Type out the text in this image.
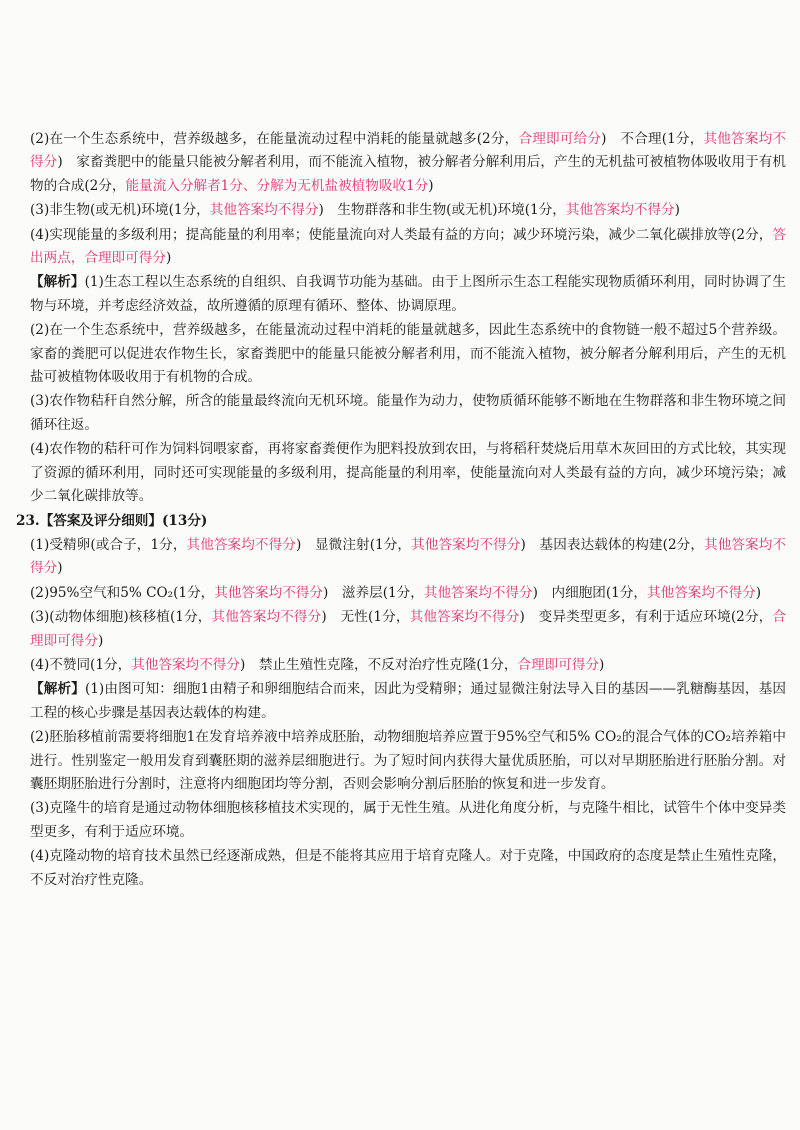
(2)在一个生态系统中，营养级越多，在能量流动过程中消耗的能量就越多(2分，合理即可给分)　不合理(1分，其他答案均不得分)　家畜粪肥中的能量只能被分解者利用，而不能流入植物，被分解者分解利用后，产生的无机盐可被植物体吸收用于有机物的合成(2分，能量流入分解者1分、分解为无机盐被植物吸收1分)

(3)非生物(或无机)环境(1分，其他答案均不得分)　生物群落和非生物(或无机)环境(1分，其他答案均不得分)

(4)实现能量的多级利用；提高能量的利用率；使能量流向对人类最有益的方向；减少环境污染，减少二氧化碳排放等(2分，答出两点，合理即可得分)

【解析】(1)生态工程以生态系统的自组织、自我调节功能为基础。由于上图所示生态工程能实现物质循环利用，同时协调了生物与环境，并考虑经济效益，故所遵循的原理有循环、整体、协调原理。

(2)在一个生态系统中，营养级越多，在能量流动过程中消耗的能量就越多，因此生态系统中的食物链一般不超过5个营养级。家畜的粪肥可以促进农作物生长，家畜粪肥中的能量只能被分解者利用，而不能流入植物，被分解者分解利用后，产生的无机盐可被植物体吸收用于有机物的合成。

(3)农作物秸秆自然分解，所含的能量最终流向无机环境。能量作为动力，使物质循环能够不断地在生物群落和非生物环境之间循环往返。

(4)农作物的秸秆可作为饲料饲喂家畜，再将家畜粪便作为肥料投放到农田，与将稻秆焚烧后用草木灰回田的方式比较，其实现了资源的循环利用，同时还可实现能量的多级利用，提高能量的利用率，使能量流向对人类最有益的方向，减少环境污染；减少二氧化碳排放等。

23.【答案及评分细则】(13分)

(1)受精卵(或合子，1分，其他答案均不得分)　显微注射(1分，其他答案均不得分)　基因表达载体的构建(2分，其他答案均不得分)

(2)95%空气和5% CO₂(1分，其他答案均不得分)　滋养层(1分，其他答案均不得分)　内细胞团(1分，其他答案均不得分)

(3)(动物体细胞)核移植(1分，其他答案均不得分)　无性(1分，其他答案均不得分)　变异类型更多，有利于适应环境(2分，合理即可得分)

(4)不赞同(1分，其他答案均不得分)　禁止生殖性克隆，不反对治疗性克隆(1分，合理即可得分)

【解析】(1)由图可知：细胞1由精子和卵细胞结合而来，因此为受精卵；通过显微注射法导入目的基因——乳糖酶基因，基因工程的核心步骤是基因表达载体的构建。

(2)胚胎移植前需要将细胞1在发育培养液中培养成胚胎，动物细胞培养应置于95%空气和5% CO₂的混合气体的CO₂培养箱中进行。性别鉴定一般用发育到囊胚期的滋养层细胞进行。为了短时间内获得大量优质胚胎，可以对早期胚胎进行胚胎分割。对囊胚期胚胎进行分割时，注意将内细胞团均等分割，否则会影响分割后胚胎的恢复和进一步发育。

(3)克隆牛的培育是通过动物体细胞核移植技术实现的，属于无性生殖。从进化角度分析，与克隆牛相比，试管牛个体中变异类型更多，有利于适应环境。

(4)克隆动物的培育技术虽然已经逐渐成熟，但是不能将其应用于培育克隆人。对于克隆，中国政府的态度是禁止生殖性克隆，不反对治疗性克隆。
